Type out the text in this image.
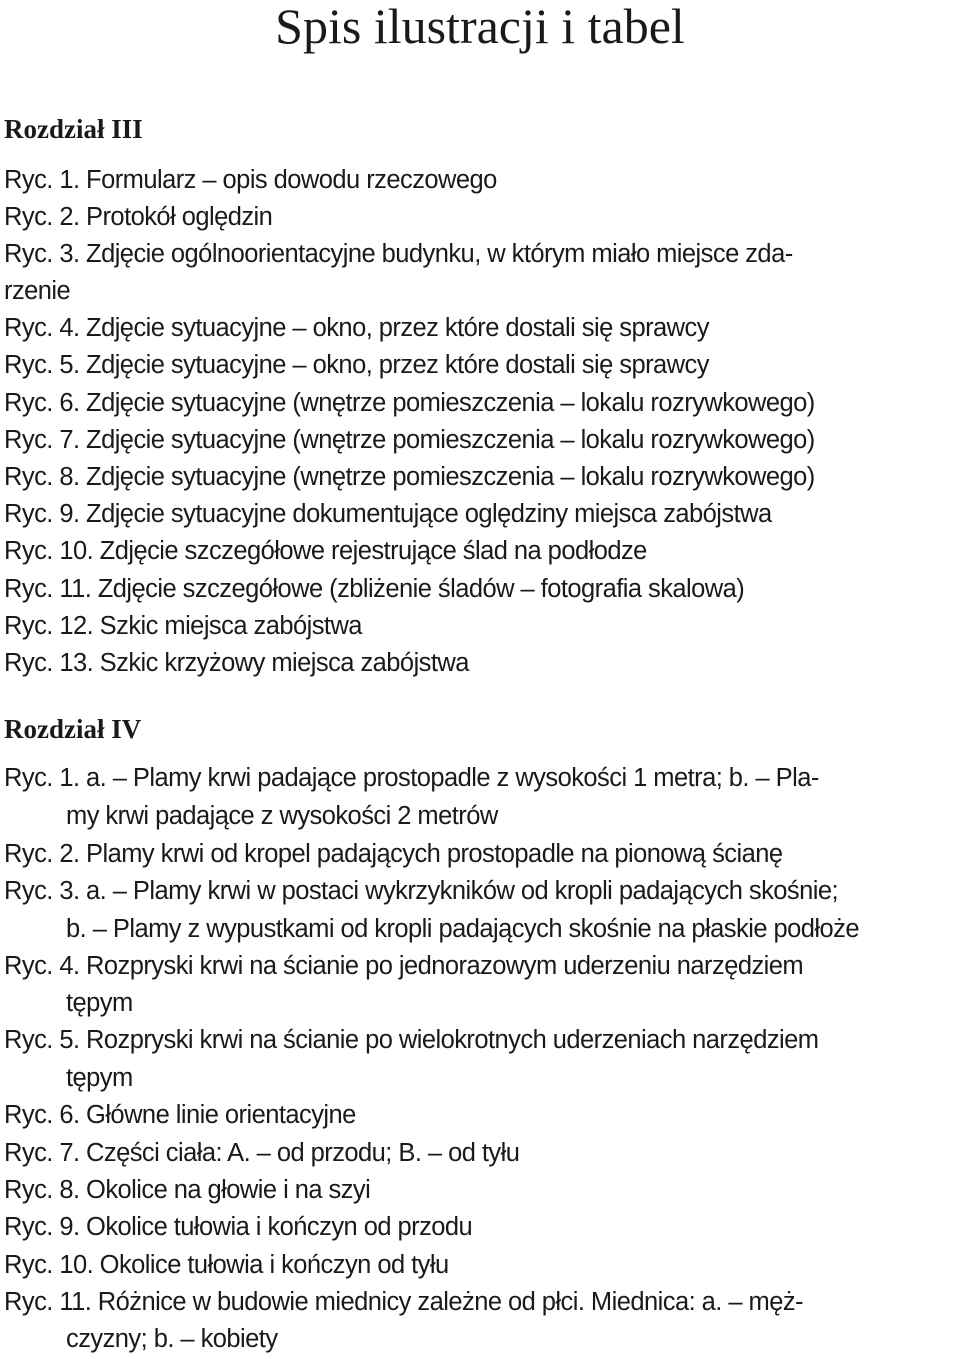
Spis ilustracji i tabel
Rozdział III

Ryc. 1. Formularz – opis dowodu rzeczowego

Ryc. 2. Protokół oględzin

Ryc. 3. Zdjęcie ogólnoorientacyjne budynku, w którym miało miejsce zda-

rzenie

Ryc. 4. Zdjęcie sytuacyjne – okno, przez które dostali się sprawcy

Ryc. 5. Zdjęcie sytuacyjne – okno, przez które dostali się sprawcy

Ryc. 6. Zdjęcie sytuacyjne (wnętrze pomieszczenia – lokalu rozrywkowego)

Ryc. 7. Zdjęcie sytuacyjne (wnętrze pomieszczenia – lokalu rozrywkowego)

Ryc. 8. Zdjęcie sytuacyjne (wnętrze pomieszczenia – lokalu rozrywkowego)

Ryc. 9. Zdjęcie sytuacyjne dokumentujące oględziny miejsca zabójstwa

Ryc. 10. Zdjęcie szczegółowe rejestrujące ślad na podłodze

Ryc. 11. Zdjęcie szczegółowe (zbliżenie śladów – fotografia skalowa)

Ryc. 12. Szkic miejsca zabójstwa

Ryc. 13. Szkic krzyżowy miejsca zabójstwa

Rozdział IV

Ryc. 1. a. – Plamy krwi padające prostopadle z wysokości 1 metra; b. – Pla-

my krwi padające z wysokości 2 metrów

Ryc. 2. Plamy krwi od kropel padających prostopadle na pionową ścianę

Ryc. 3. a. – Plamy krwi w postaci wykrzykników od kropli padających skośnie;

b. – Plamy z wypustkami od kropli padających skośnie na płaskie podłoże

Ryc. 4. Rozpryski krwi na ścianie po jednorazowym uderzeniu narzędziem

tępym

Ryc. 5. Rozpryski krwi na ścianie po wielokrotnych uderzeniach narzędziem

tępym

Ryc. 6. Główne linie orientacyjne

Ryc. 7. Części ciała: A. – od przodu; B. – od tyłu

Ryc. 8. Okolice na głowie i na szyi

Ryc. 9. Okolice tułowia i kończyn od przodu

Ryc. 10. Okolice tułowia i kończyn od tyłu

Ryc. 11. Różnice w budowie miednicy zależne od płci. Miednica: a. – męż-

czyzny; b. – kobiety
